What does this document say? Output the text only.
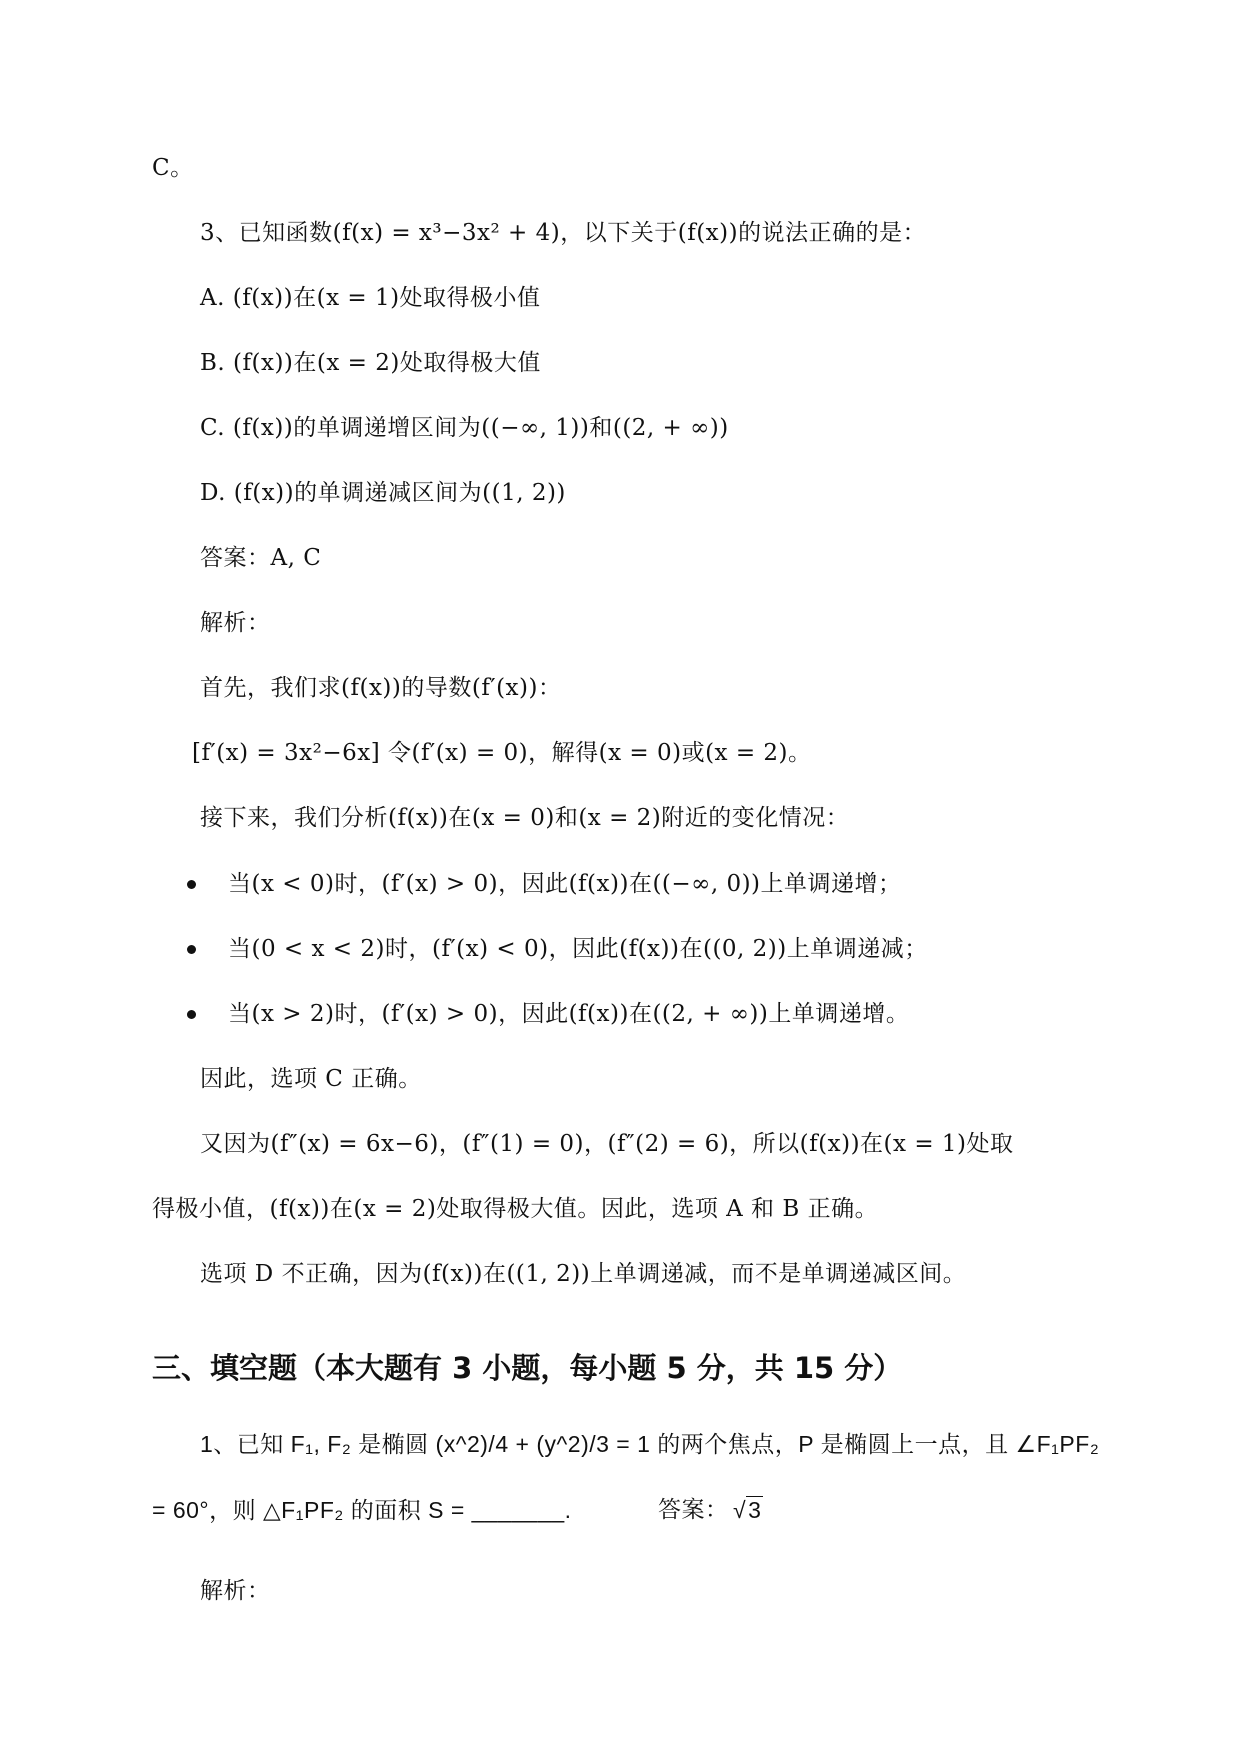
C。
3、已知函数(f(x) = x³−3x² + 4)，以下关于(f(x))的说法正确的是：
A. (f(x))在(x = 1)处取得极小值
B. (f(x))在(x = 2)处取得极大值
C. (f(x))的单调递增区间为((−∞, 1))和((2, + ∞))
D. (f(x))的单调递减区间为((1, 2))
答案：A, C
解析：
首先，我们求(f(x))的导数(f′(x))：
[f′(x) = 3x²−6x] 令(f′(x) = 0)，解得(x = 0)或(x = 2)。
接下来，我们分析(f(x))在(x = 0)和(x = 2)附近的变化情况：
当(x < 0)时，(f′(x) > 0)，因此(f(x))在((−∞, 0))上单调递增；
当(0 < x < 2)时，(f′(x) < 0)，因此(f(x))在((0, 2))上单调递减；
当(x > 2)时，(f′(x) > 0)，因此(f(x))在((2, + ∞))上单调递增。
因此，选项 C 正确。
又因为(f″(x) = 6x−6)，(f″(1) = 0)，(f″(2) = 6)，所以(f(x))在(x = 1)处取
得极小值，(f(x))在(x = 2)处取得极大值。因此，选项 A 和 B 正确。
选项 D 不正确，因为(f(x))在((1, 2))上单调递减，而不是单调递减区间。
三、填空题（本大题有 3 小题，每小题 5 分，共 15 分）
1、已知 F₁, F₂ 是椭圆 (x^2)/4 + (y^2)/3 = 1 的两个焦点，P 是椭圆上一点，且 ∠F₁PF₂
= 60°，则 △F₁PF₂ 的面积 S = _______.	答案： √3
解析：
